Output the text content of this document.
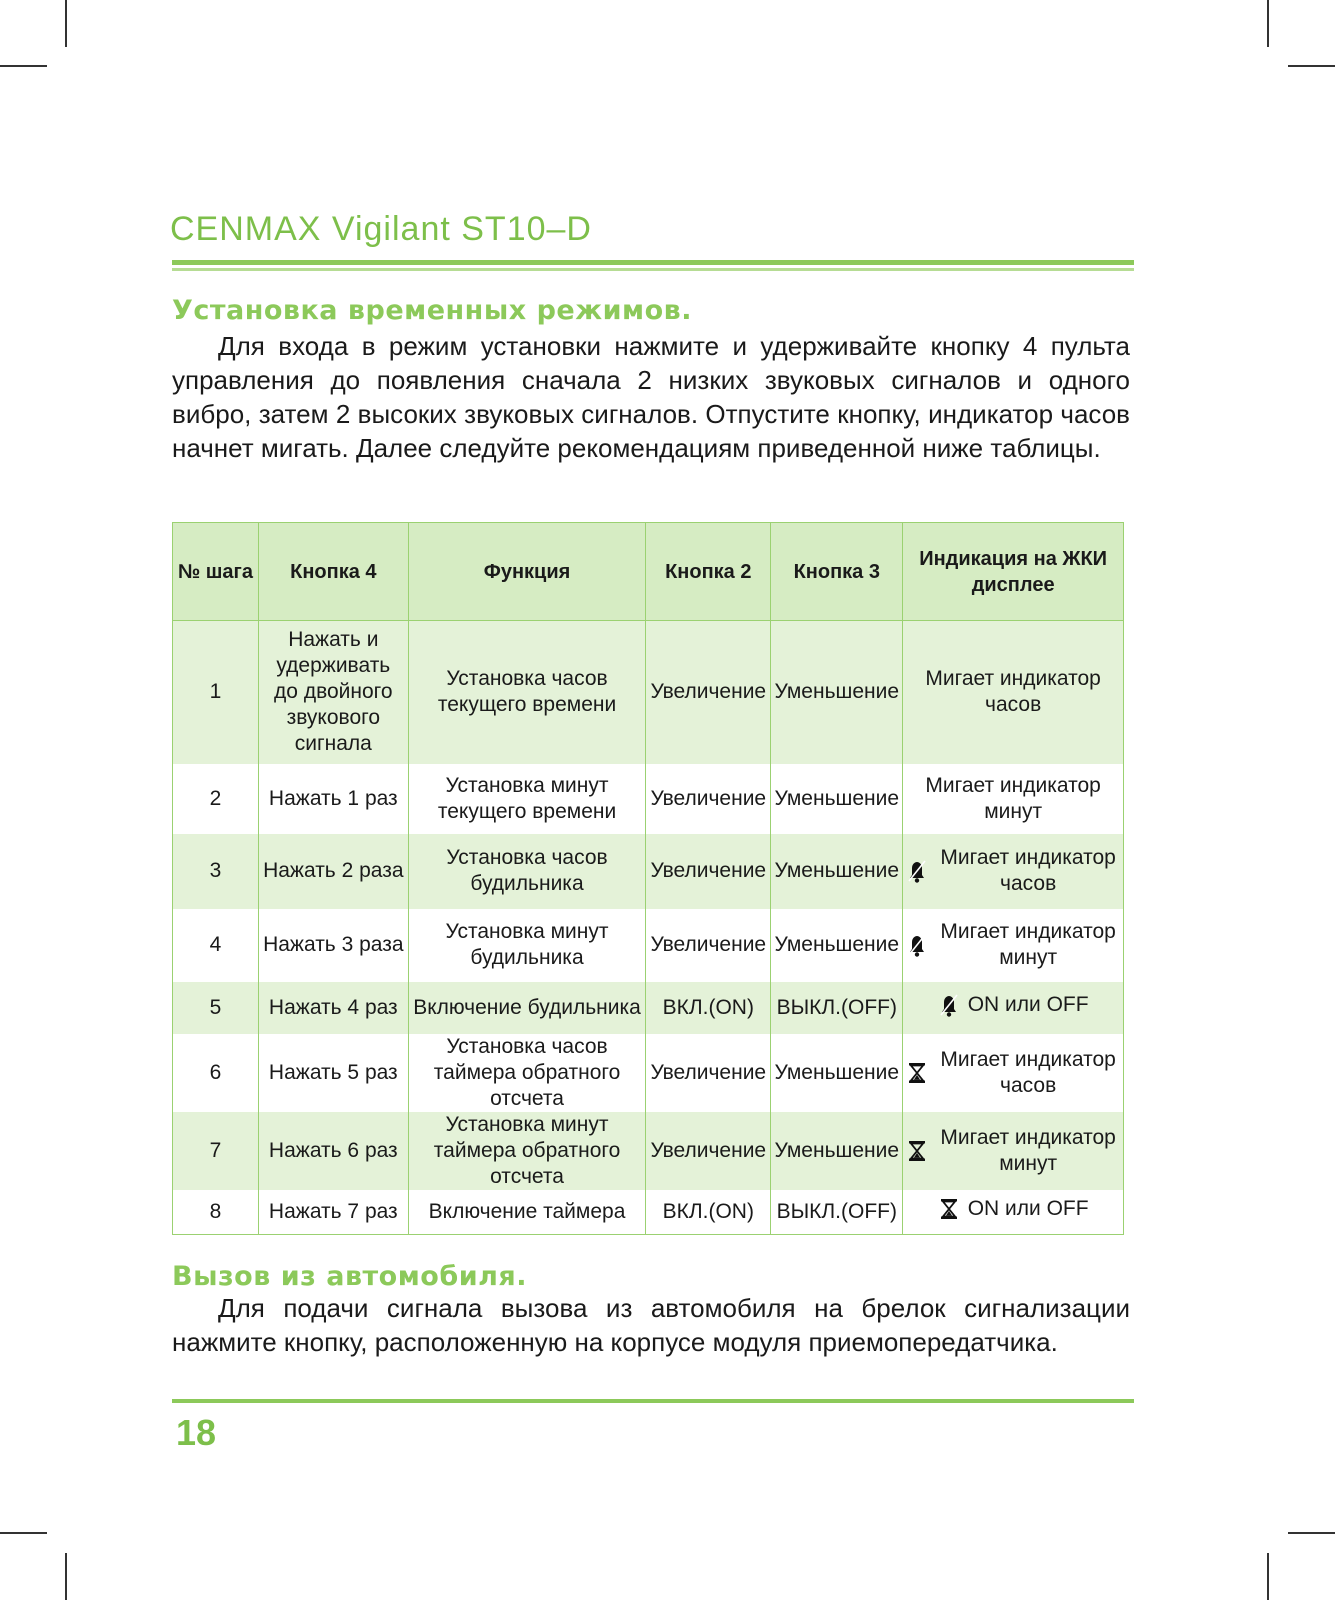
CENMAX Vigilant ST10–D
Установка временных режимов.

Для входа в режим установки нажмите и удерживайте кнопку 4 пульта управления до появления сначала 2 низких звуковых сигналов и одного вибро, затем 2 высоких звуковых сигналов. Отпустите кнопку, индикатор часов начнет мигать. Далее следуйте рекомендациям приведенной ниже таблицы.

№ шага	Кнопка 4	Функция	Кнопка 2	Кнопка 3	Индикация на ЖКИ дисплее
1	Нажать и удерживать до двойного звукового сигнала	Установка часов текущего времени	Увеличение	Уменьшение	Мигает индикатор часов

2	Нажать 1 раз	Установка минут текущего времени	Увеличение	Уменьшение	Мигает индикатор минут

3	Нажать 2 раза	Установка часов будильника	Увеличение	Уменьшение	Мигает индикатор часов

4	Нажать 3 раза	Установка минут будильника	Увеличение	Уменьшение	Мигает индикатор минут

5	Нажать 4 раз	Включение будильника	ВКЛ.(ON)	ВЫКЛ.(OFF)	ON или OFF

6	Нажать 5 раз	Установка часов таймера обратного отсчета	Увеличение	Уменьшение	Мигает индикатор часов

7	Нажать 6 раз	Установка минут таймера обратного отсчета	Увеличение	Уменьшение	Мигает индикатор минут

8	Нажать 7 раз	Включение таймера	ВКЛ.(ON)	ВЫКЛ.(OFF)	ON или OFF
Вызов из автомобиля.

Для подачи сигнала вызова из автомобиля на брелок сигнализации нажмите кнопку, расположенную на корпусе модуля приемопередатчика.

18
